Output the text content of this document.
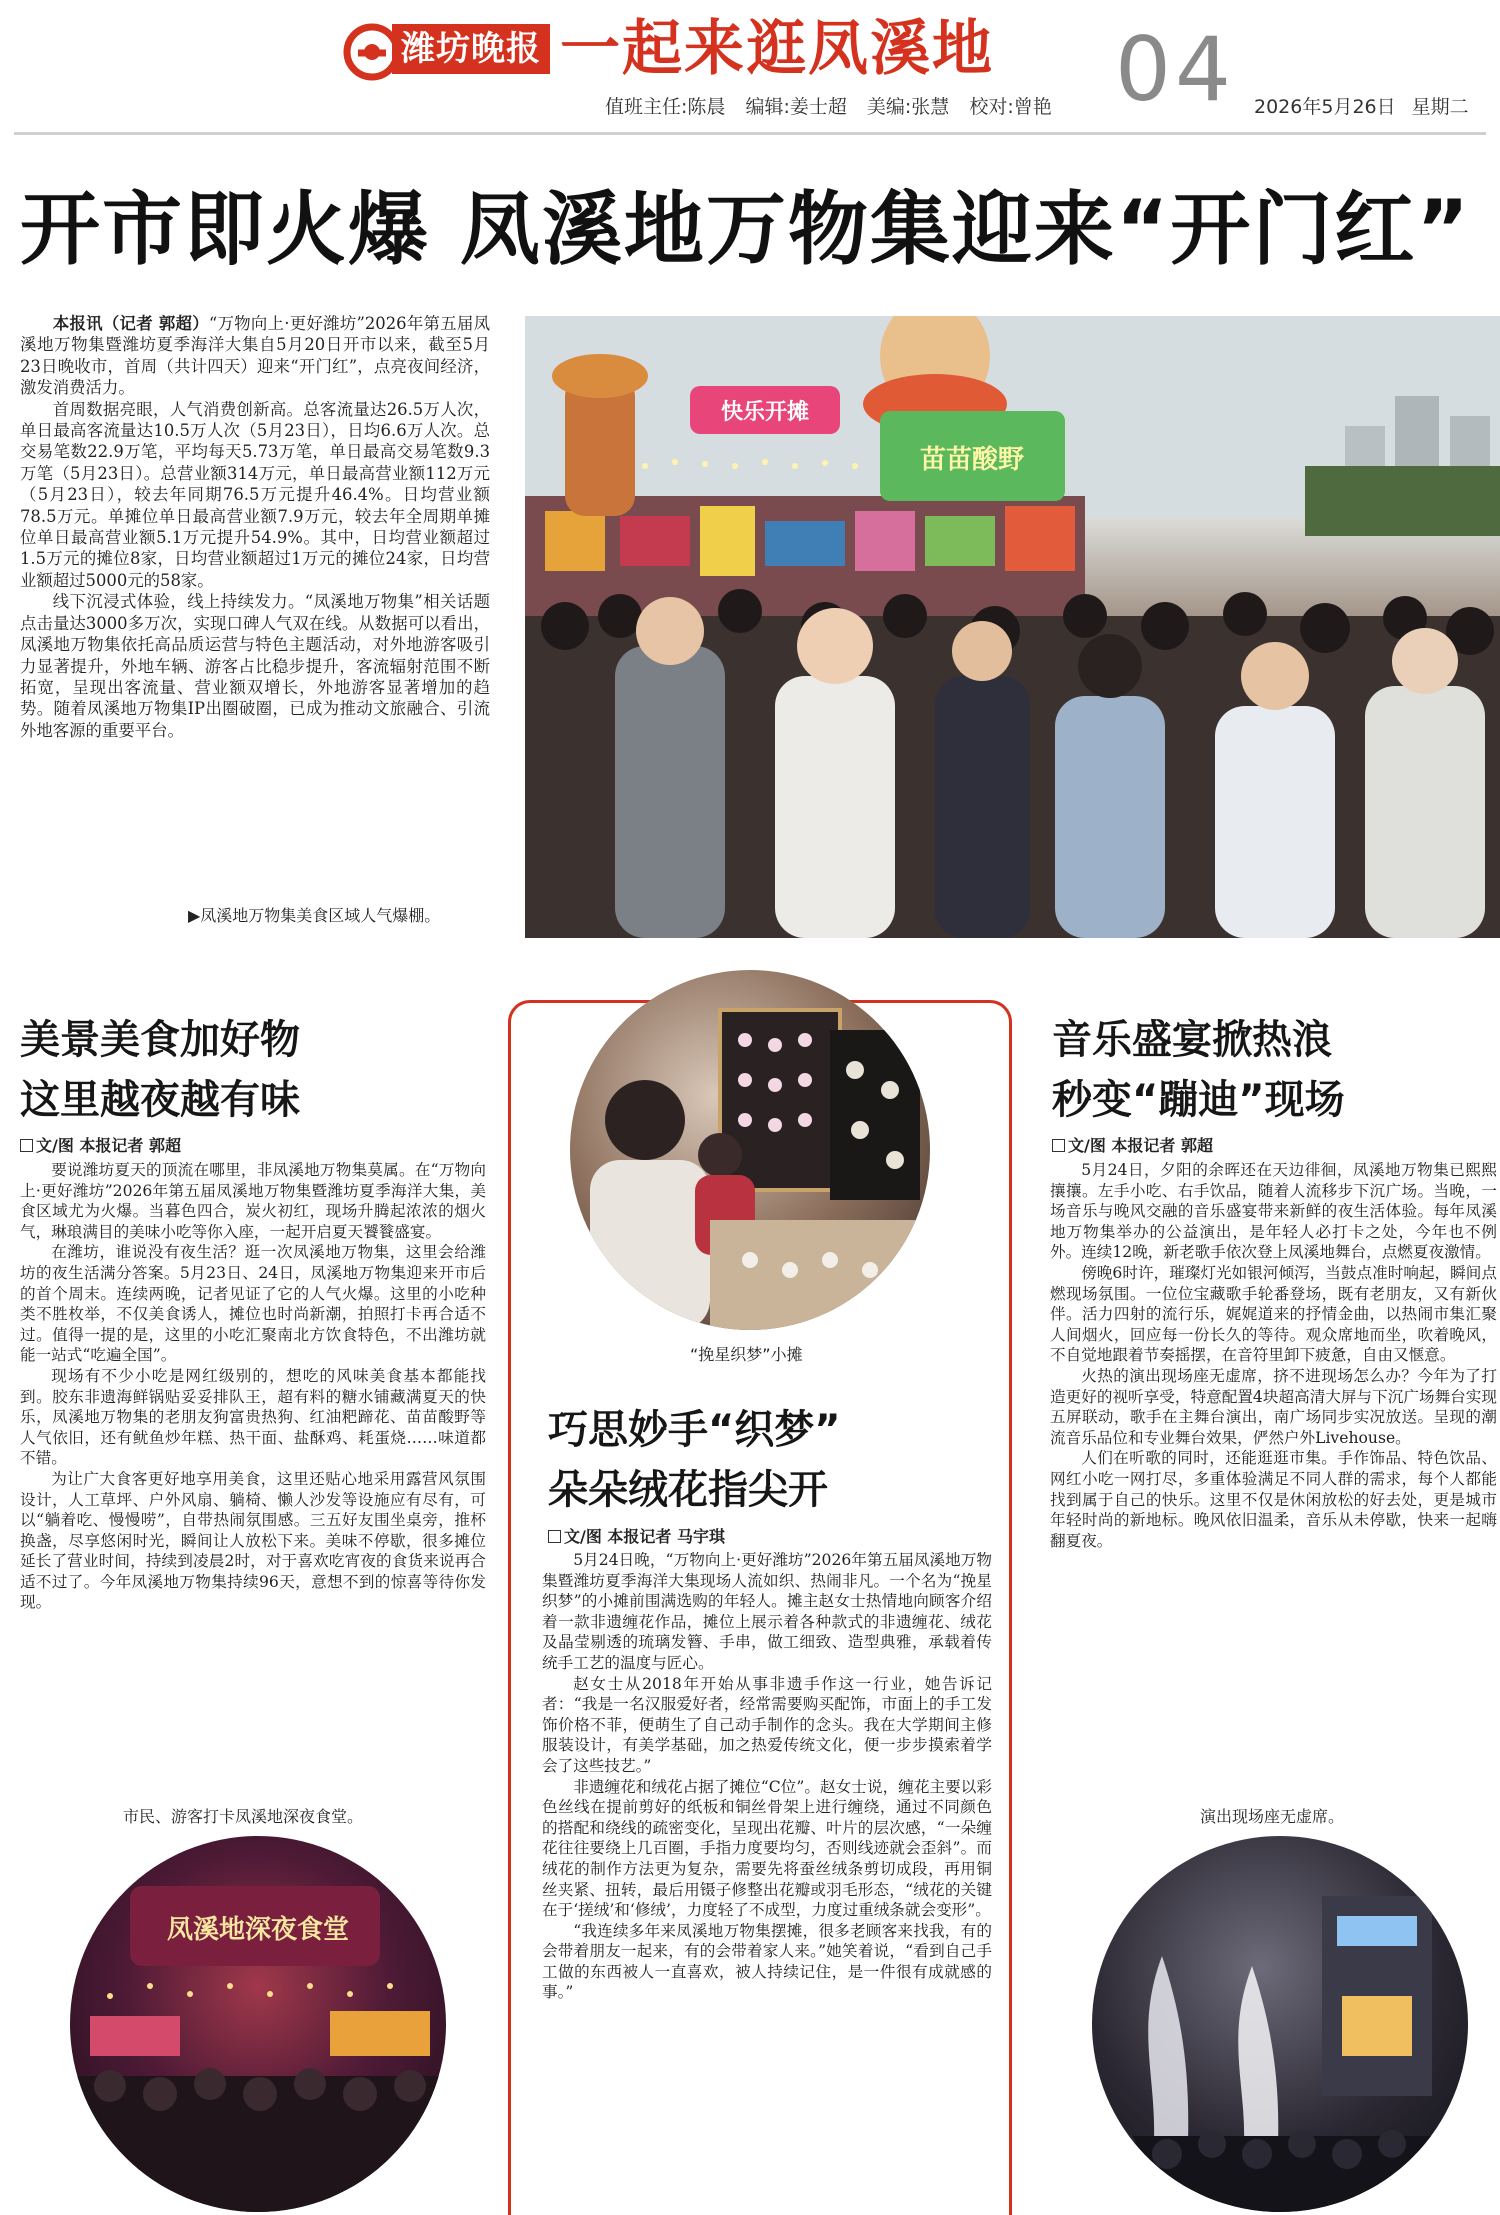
潍坊晚报 一起来逛凤溪地
值班主任:陈晨 编辑:姜士超 美编:张慧 校对:曾艳 04 2026年5月26日 星期二
开市即火爆 凤溪地万物集迎来“开门红”

本报讯（记者 郭超）“万物向上·更好潍坊”2026年第五届凤溪地万物集暨潍坊夏季海洋大集自5月20日开市以来，截至5月23日晚收市，首周（共计四天）迎来“开门红”，点亮夜间经济，激发消费活力。

首周数据亮眼，人气消费创新高。总客流量达26.5万人次，单日最高客流量达10.5万人次（5月23日），日均6.6万人次。总交易笔数22.9万笔，平均每天5.73万笔，单日最高交易笔数9.3万笔（5月23日）。总营业额314万元，单日最高营业额112万元（5月23日），较去年同期76.5万元提升46.4%。日均营业额78.5万元。单摊位单日最高营业额7.9万元，较去年全周期单摊位单日最高营业额5.1万元提升54.9%。其中，日均营业额超过1.5万元的摊位8家，日均营业额超过1万元的摊位24家，日均营业额超过5000元的58家。

线下沉浸式体验，线上持续发力。“凤溪地万物集”相关话题点击量达3000多万次，实现口碑人气双在线。从数据可以看出，凤溪地万物集依托高品质运营与特色主题活动，对外地游客吸引力显著提升，外地车辆、游客占比稳步提升，客流辐射范围不断拓宽，呈现出客流量、营业额双增长，外地游客显著增加的趋势。随着凤溪地万物集IP出圈破圈，已成为推动文旅融合、引流外地客源的重要平台。

▶凤溪地万物集美食区域人气爆棚。
快乐开摊
苗苗酸野
美景美食加好物
这里越夜越有味
文/图 本报记者 郭超

要说潍坊夏天的顶流在哪里，非凤溪地万物集莫属。在“万物向上·更好潍坊”2026年第五届凤溪地万物集暨潍坊夏季海洋大集，美食区域尤为火爆。当暮色四合，炭火初红，现场升腾起浓浓的烟火气，琳琅满目的美味小吃等你入座，一起开启夏天饕餮盛宴。

在潍坊，谁说没有夜生活？逛一次凤溪地万物集，这里会给潍坊的夜生活满分答案。5月23日、24日，凤溪地万物集迎来开市后的首个周末。连续两晚，记者见证了它的人气火爆。这里的小吃种类不胜枚举，不仅美食诱人，摊位也时尚新潮，拍照打卡再合适不过。值得一提的是，这里的小吃汇聚南北方饮食特色，不出潍坊就能一站式“吃遍全国”。

现场有不少小吃是网红级别的，想吃的风味美食基本都能找到。胶东非遗海鲜锅贴妥妥排队王，超有料的糖水铺藏满夏天的快乐，凤溪地万物集的老朋友狗富贵热狗、红油粑蹄花、苗苗酸野等人气依旧，还有鱿鱼炒年糕、热干面、盐酥鸡、耗蛋烧……味道都不错。

为让广大食客更好地享用美食，这里还贴心地采用露营风氛围设计，人工草坪、户外风扇、躺椅、懒人沙发等设施应有尽有，可以“躺着吃、慢慢唠”，自带热闹氛围感。三五好友围坐桌旁，推杯换盏，尽享悠闲时光，瞬间让人放松下来。美味不停歇，很多摊位延长了营业时间，持续到凌晨2时，对于喜欢吃宵夜的食货来说再合适不过了。今年凤溪地万物集持续96天，意想不到的惊喜等待你发现。

市民、游客打卡凤溪地深夜食堂。
凤溪地深夜食堂
“挽星织梦”小摊
巧思妙手“织梦”
朵朵绒花指尖开
文/图 本报记者 马宇琪

5月24日晚，“万物向上·更好潍坊”2026年第五届凤溪地万物集暨潍坊夏季海洋大集现场人流如织、热闹非凡。一个名为“挽星织梦”的小摊前围满选购的年轻人。摊主赵女士热情地向顾客介绍着一款非遗缠花作品，摊位上展示着各种款式的非遗缠花、绒花及晶莹剔透的琉璃发簪、手串，做工细致、造型典雅，承载着传统手工艺的温度与匠心。

赵女士从2018年开始从事非遗手作这一行业，她告诉记者：“我是一名汉服爱好者，经常需要购买配饰，市面上的手工发饰价格不菲，便萌生了自己动手制作的念头。我在大学期间主修服装设计，有美学基础，加之热爱传统文化，便一步步摸索着学会了这些技艺。”

非遗缠花和绒花占据了摊位“C位”。赵女士说，缠花主要以彩色丝线在提前剪好的纸板和铜丝骨架上进行缠绕，通过不同颜色的搭配和绕线的疏密变化，呈现出花瓣、叶片的层次感，“一朵缠花往往要绕上几百圈，手指力度要均匀，否则线迹就会歪斜”。而绒花的制作方法更为复杂，需要先将蚕丝绒条剪切成段，再用铜丝夹紧、扭转，最后用镊子修整出花瓣或羽毛形态，“绒花的关键在于‘搓绒’和‘修绒’，力度轻了不成型，力度过重绒条就会变形”。

“我连续多年来凤溪地万物集摆摊，很多老顾客来找我，有的会带着朋友一起来，有的会带着家人来。”她笑着说，“看到自己手工做的东西被人一直喜欢，被人持续记住，是一件很有成就感的事。”

音乐盛宴掀热浪
秒变“蹦迪”现场
文/图 本报记者 郭超

5月24日，夕阳的余晖还在天边徘徊，凤溪地万物集已熙熙攘攘。左手小吃、右手饮品，随着人流移步下沉广场。当晚，一场音乐与晚风交融的音乐盛宴带来新鲜的夜生活体验。每年凤溪地万物集举办的公益演出，是年轻人必打卡之处，今年也不例外。连续12晚，新老歌手依次登上凤溪地舞台，点燃夏夜激情。

傍晚6时许，璀璨灯光如银河倾泻，当鼓点准时响起，瞬间点燃现场氛围。一位位宝藏歌手轮番登场，既有老朋友，又有新伙伴。活力四射的流行乐，娓娓道来的抒情金曲，以热闹市集汇聚人间烟火，回应每一份长久的等待。观众席地而坐，吹着晚风，不自觉地跟着节奏摇摆，在音符里卸下疲惫，自由又惬意。

火热的演出现场座无虚席，挤不进现场怎么办？今年为了打造更好的视听享受，特意配置4块超高清大屏与下沉广场舞台实现五屏联动，歌手在主舞台演出，南广场同步实况放送。呈现的潮流音乐品位和专业舞台效果，俨然户外Livehouse。

人们在听歌的同时，还能逛逛市集。手作饰品、特色饮品、网红小吃一网打尽，多重体验满足不同人群的需求，每个人都能找到属于自己的快乐。这里不仅是休闲放松的好去处，更是城市年轻时尚的新地标。晚风依旧温柔，音乐从未停歇，快来一起嗨翻夏夜。

演出现场座无虚席。
